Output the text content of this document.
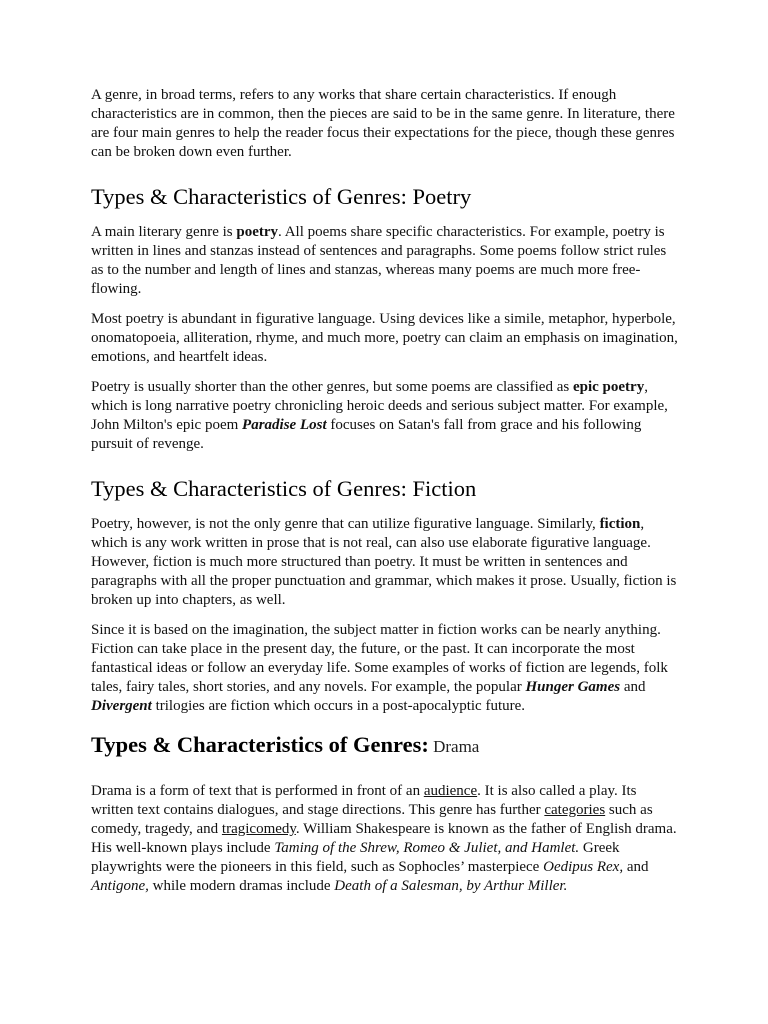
A genre, in broad terms, refers to any works that share certain characteristics. If enough characteristics are in common, then the pieces are said to be in the same genre. In literature, there are four main genres to help the reader focus their expectations for the piece, though these genres can be broken down even further.

Types & Characteristics of Genres: Poetry

A main literary genre is poetry. All poems share specific characteristics. For example, poetry is written in lines and stanzas instead of sentences and paragraphs. Some poems follow strict rules as to the number and length of lines and stanzas, whereas many poems are much more free-flowing.

Most poetry is abundant in figurative language. Using devices like a simile, metaphor, hyperbole, onomatopoeia, alliteration, rhyme, and much more, poetry can claim an emphasis on imagination, emotions, and heartfelt ideas.

Poetry is usually shorter than the other genres, but some poems are classified as epic poetry, which is long narrative poetry chronicling heroic deeds and serious subject matter. For example, John Milton's epic poem Paradise Lost focuses on Satan's fall from grace and his following pursuit of revenge.

Types & Characteristics of Genres: Fiction

Poetry, however, is not the only genre that can utilize figurative language. Similarly, fiction, which is any work written in prose that is not real, can also use elaborate figurative language. However, fiction is much more structured than poetry. It must be written in sentences and paragraphs with all the proper punctuation and grammar, which makes it prose. Usually, fiction is broken up into chapters, as well.

Since it is based on the imagination, the subject matter in fiction works can be nearly anything. Fiction can take place in the present day, the future, or the past. It can incorporate the most fantastical ideas or follow an everyday life. Some examples of works of fiction are legends, folk tales, fairy tales, short stories, and any novels. For example, the popular Hunger Games and Divergent trilogies are fiction which occurs in a post-apocalyptic future.

Types & Characteristics of Genres: Drama

Drama is a form of text that is performed in front of an audience. It is also called a play. Its written text contains dialogues, and stage directions. This genre has further categories such as comedy, tragedy, and tragicomedy. William Shakespeare is known as the father of English drama. His well-known plays include Taming of the Shrew, Romeo & Juliet, and Hamlet. Greek playwrights were the pioneers in this field, such as Sophocles’ masterpiece Oedipus Rex, and Antigone, while modern dramas include Death of a Salesman, by Arthur Miller.
